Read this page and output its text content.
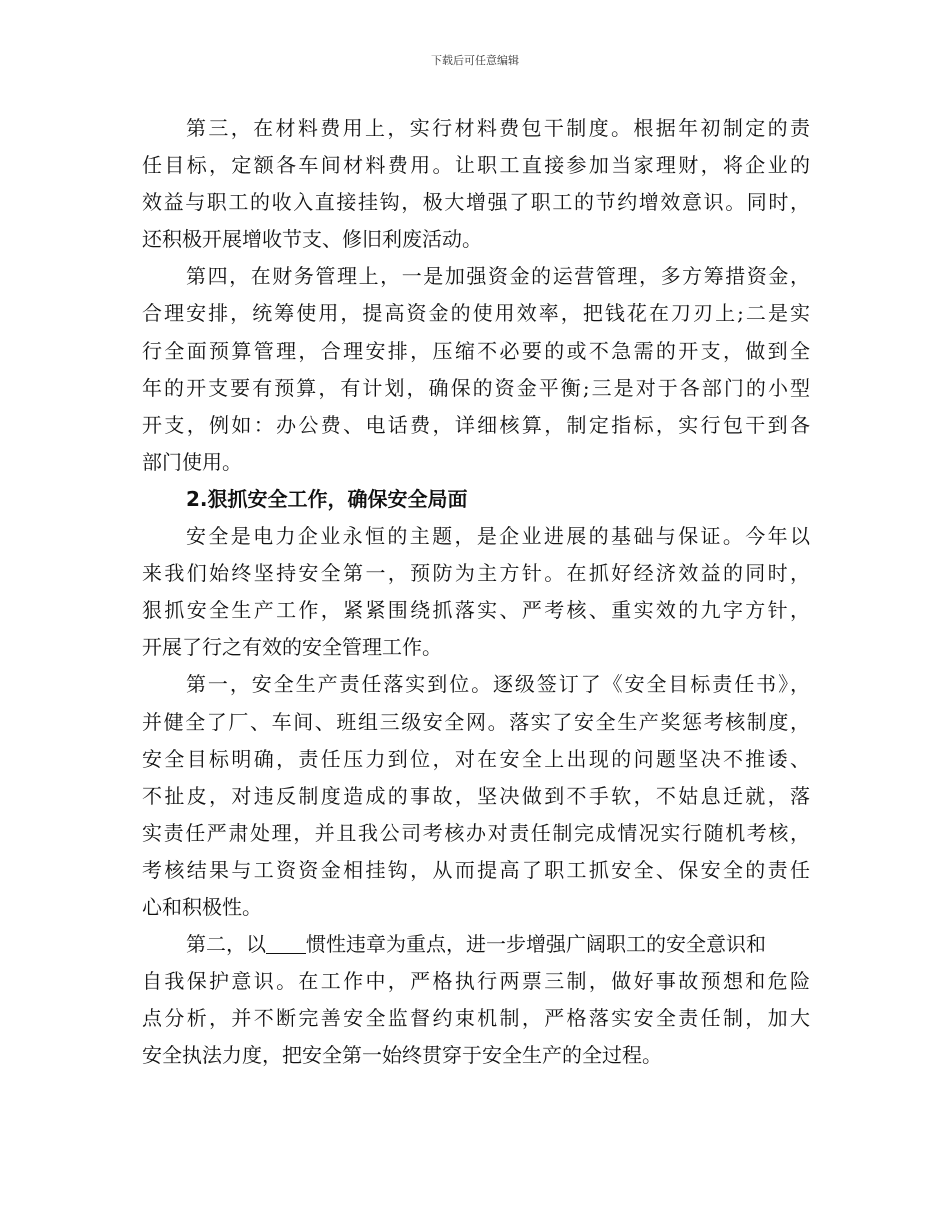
下载后可任意编辑
第三，在材料费用上，实行材料费包干制度。根据年初制定的责
任目标，定额各车间材料费用。让职工直接参加当家理财，将企业的
效益与职工的收入直接挂钩，极大增强了职工的节约增效意识。同时，
还积极开展增收节支、修旧利废活动。
第四，在财务管理上，一是加强资金的运营管理，多方筹措资金，
合理安排，统筹使用，提高资金的使用效率，把钱花在刀刃上;二是实
行全面预算管理，合理安排，压缩不必要的或不急需的开支，做到全
年的开支要有预算，有计划，确保的资金平衡;三是对于各部门的小型
开支，例如：办公费、电话费，详细核算，制定指标，实行包干到各
部门使用。
2.狠抓安全工作，确保安全局面
安全是电力企业永恒的主题，是企业进展的基础与保证。今年以
来我们始终坚持安全第一，预防为主方针。在抓好经济效益的同时，
狠抓安全生产工作，紧紧围绕抓落实、严考核、重实效的九字方针，
开展了行之有效的安全管理工作。
第一，安全生产责任落实到位。逐级签订了《安全目标责任书》，
并健全了厂、车间、班组三级安全网。落实了安全生产奖惩考核制度，
安全目标明确，责任压力到位，对在安全上出现的问题坚决不推诿、
不扯皮，对违反制度造成的事故，坚决做到不手软，不姑息迁就，落
实责任严肃处理，并且我公司考核办对责任制完成情况实行随机考核，
考核结果与工资资金相挂钩，从而提高了职工抓安全、保安全的责任
心和积极性。
第二，以 惯性违章为重点，进一步增强广阔职工的安全意识和
自我保护意识。在工作中，严格执行两票三制，做好事故预想和危险
点分析，并不断完善安全监督约束机制，严格落实安全责任制，加大
安全执法力度，把安全第一始终贯穿于安全生产的全过程。
